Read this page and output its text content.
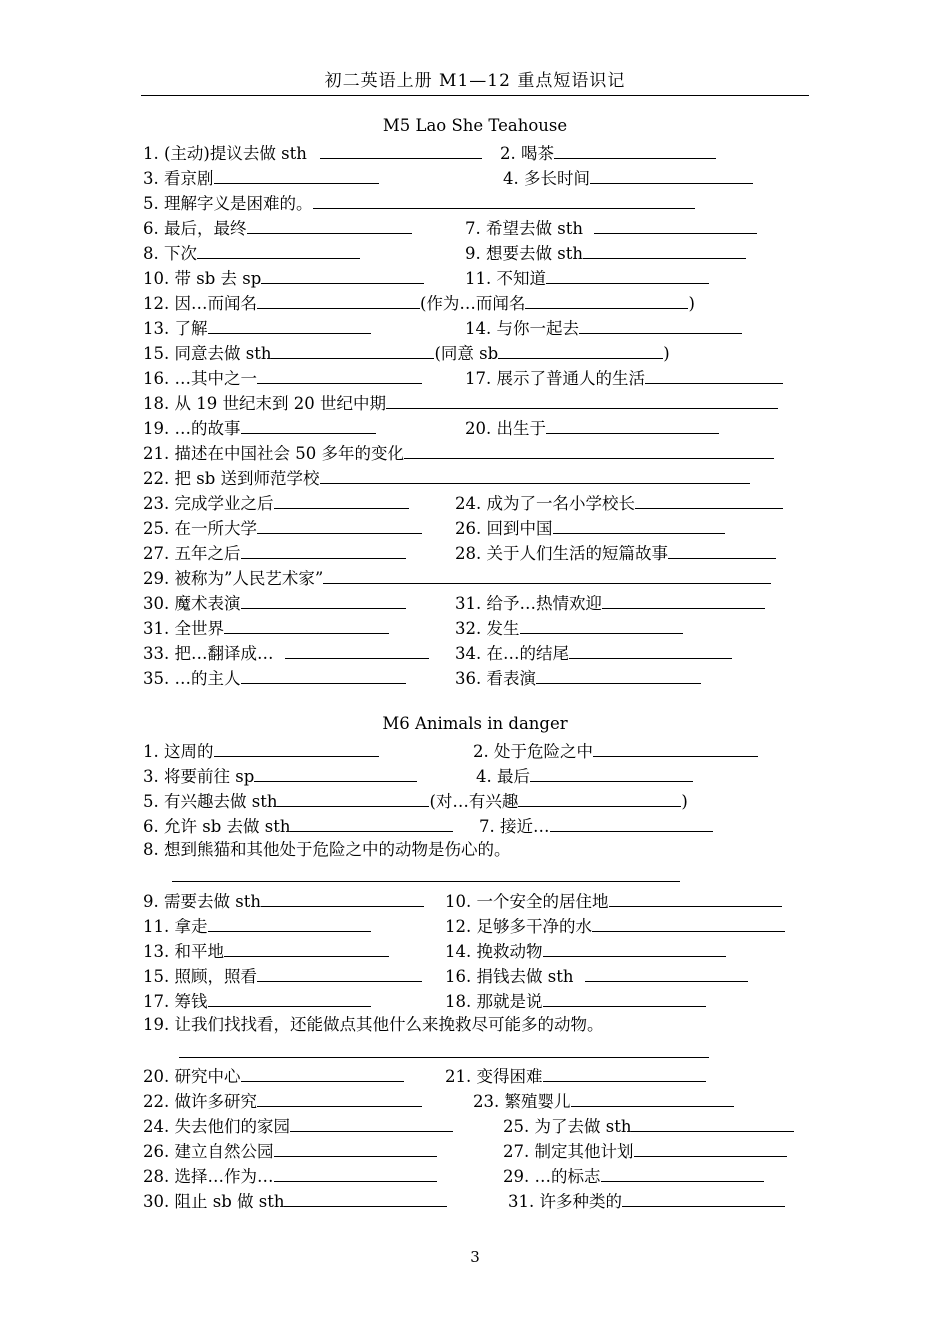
初二英语上册 M1—12 重点短语识记
M5 Lao She Teahouse
1. (主动)提议去做 sth	2. 喝茶
3. 看京剧	4. 多长时间
5. 理解字义是困难的。
6. 最后，最终	7. 希望去做 sth
8. 下次	9. 想要去做 sth
10. 带 sb 去 sp	11. 不知道
12. 因…而闻名	(作为…而闻名	)
13. 了解	14. 与你一起去
15. 同意去做 sth	(同意 sb	)
16. …其中之一	17. 展示了普通人的生活
18. 从 19 世纪末到 20 世纪中期
19. …的故事	20. 出生于
21. 描述在中国社会 50 多年的变化
22. 把 sb 送到师范学校
23. 完成学业之后	24. 成为了一名小学校长
25. 在一所大学	26. 回到中国
27. 五年之后	28. 关于人们生活的短篇故事
29. 被称为”人民艺术家”
30. 魔术表演	31. 给予…热情欢迎
31. 全世界	32. 发生
33. 把…翻译成…	34. 在…的结尾
35. …的主人	36. 看表演
M6 Animals in danger
1. 这周的	2. 处于危险之中
3. 将要前往 sp	4. 最后
5. 有兴趣去做 sth	(对…有兴趣	)
6. 允许 sb 去做 sth	7. 接近…
8. 想到熊猫和其他处于危险之中的动物是伤心的。
9. 需要去做 sth	10. 一个安全的居住地
11. 拿走	12. 足够多干净的水
13. 和平地	14. 挽救动物
15. 照顾，照看	16. 捐钱去做 sth
17. 筹钱	18. 那就是说
19. 让我们找找看，还能做点其他什么来挽救尽可能多的动物。
20. 研究中心	21. 变得困难
22. 做许多研究	23. 繁殖婴儿
24. 失去他们的家园	25. 为了去做 sth
26. 建立自然公园	27. 制定其他计划
28. 选择…作为…	29. …的标志
30. 阻止 sb 做 sth	31. 许多种类的
3
